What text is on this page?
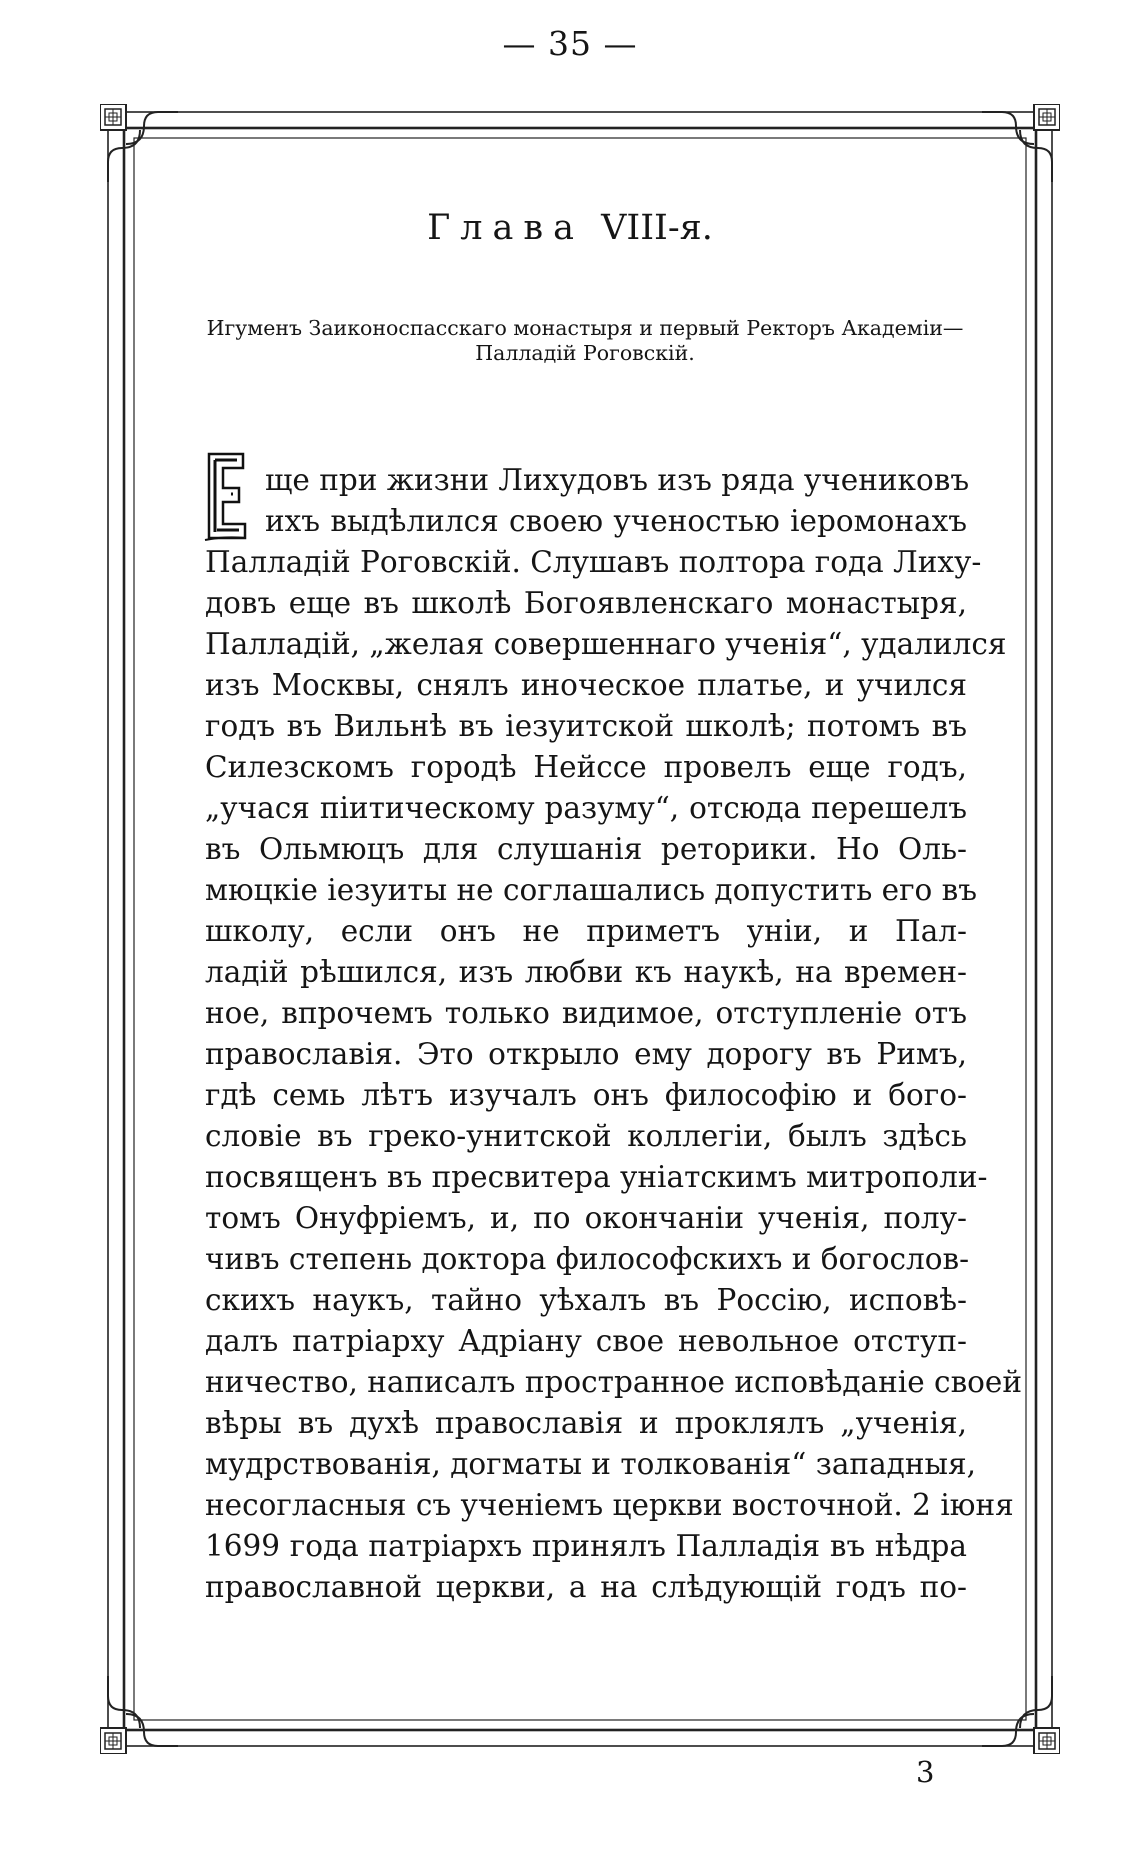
— 35 —
Глава VIII-я.
Игуменъ Заиконоспасскаго монастыря и первый Ректоръ Академіи—
Палладій Роговскій.

ще при жизни Лихудовъ изъ ряда учениковъ
ихъ выдѣлился своею ученостью іеромонахъ
Палладій Роговскій. Слушавъ полтора года Лиху-
довъ еще въ школѣ Богоявленскаго монастыря,
Палладій, „желая совершеннаго ученія“, удалился
изъ Москвы, снялъ иноческое платье, и учился
годъ въ Вильнѣ въ іезуитской школѣ; потомъ въ
Силезскомъ городѣ Нейссе провелъ еще годъ,
„учася піитическому разуму“, отсюда перешелъ
въ Ольмюцъ для слушанія реторики. Но Оль-
мюцкіе іезуиты не соглашались допустить его въ
школу, если онъ не приметъ уніи, и Пал-
ладій рѣшился, изъ любви къ наукѣ, на времен-
ное, впрочемъ только видимое, отступленіе отъ
православія. Это открыло ему дорогу въ Римъ,
гдѣ семь лѣтъ изучалъ онъ философію и бого-
словіе въ греко-унитской коллегіи, былъ здѣсь
посвященъ въ пресвитера уніатскимъ митрополи-
томъ Онуфріемъ, и, по окончаніи ученія, полу-
чивъ степень доктора философскихъ и богослов-
скихъ наукъ, тайно уѣхалъ въ Россію, исповѣ-
далъ патріарху Адріану свое невольное отступ-
ничество, написалъ пространное исповѣданіе своей
вѣры въ духѣ православія и проклялъ „ученія,
мудрствованія, догматы и толкованія“ западныя,
несогласныя съ ученіемъ церкви восточной. 2 іюня
1699 года патріархъ принялъ Палладія въ нѣдра
православной церкви, а на слѣдующій годъ по-

3
